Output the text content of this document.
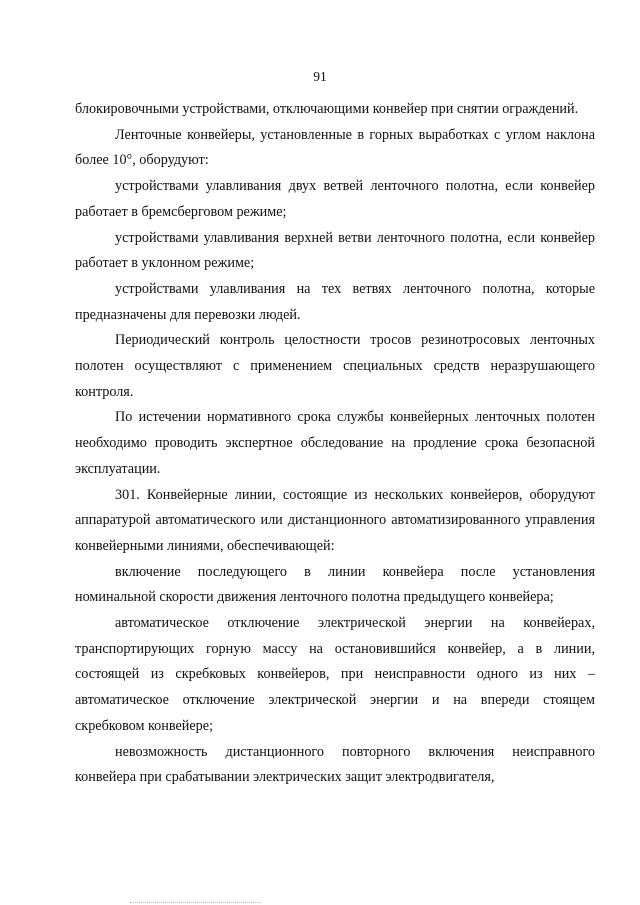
91

блокировочными устройствами, отключающими конвейер при снятии ограждений.

Ленточные конвейеры, установленные в горных выработках с углом наклона более 10°, оборудуют:

устройствами улавливания двух ветвей ленточного полотна, если конвейер работает в бремсберговом режиме;

устройствами улавливания верхней ветви ленточного полотна, если конвейер работает в уклонном режиме;

устройствами улавливания на тех ветвях ленточного полотна, которые предназначены для перевозки людей.

Периодический контроль целостности тросов резинотросовых ленточных полотен осуществляют с применением специальных средств неразрушающего контроля.

По истечении нормативного срока службы конвейерных ленточных полотен необходимо проводить экспертное обследование на продление срока безопасной эксплуатации.

301. Конвейерные линии, состоящие из нескольких конвейеров, оборудуют аппаратурой автоматического или дистанционного автоматизированного управления конвейерными линиями, обеспечивающей:

включение последующего в линии конвейера после установления номинальной скорости движения ленточного полотна предыдущего конвейера;

автоматическое отключение электрической энергии на конвейерах, транспортирующих горную массу на остановившийся конвейер, а в линии, состоящей из скребковых конвейеров, при неисправности одного из них – автоматическое отключение электрической энергии и на впереди стоящем скребковом конвейере;

невозможность дистанционного повторного включения неисправного конвейера при срабатывании электрических защит электродвигателя,
